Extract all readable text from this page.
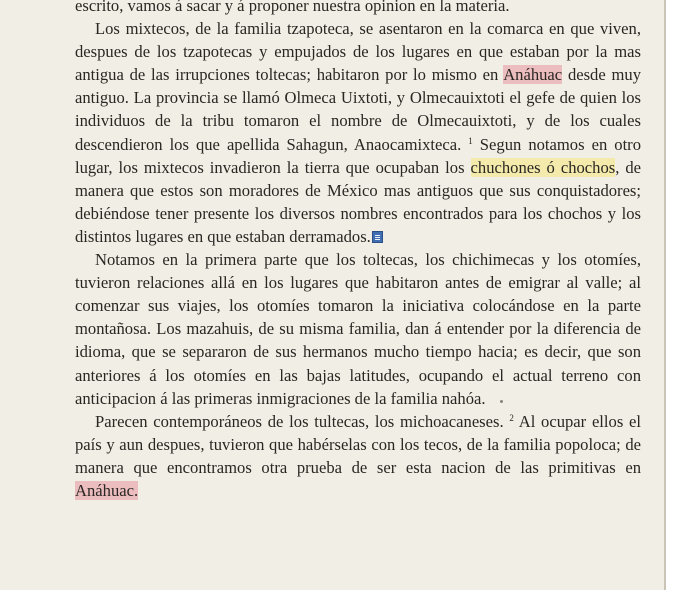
escrito, vamos á sacar y á proponer nuestra opinion en la materia.

Los mixtecos, de la familia tzapoteca, se asentaron en la comarca en que viven, despues de los tzapotecas y empujados de los lugares en que estaban por la mas antigua de las irrupciones toltecas; habitaron por lo mismo en Anáhuac desde muy antiguo. La provincia se llamó Olmeca Uixtoti, y Olmecauixtoti el gefe de quien los individuos de la tribu tomaron el nombre de Olmecauixtoti, y de los cuales descendieron los que apellida Sahagun, Anaocamixteca. $^1$ Segun notamos en otro lugar, los mixtecos invadieron la tierra que ocupaban los chuchones ó chochos, de manera que estos son moradores de México mas antiguos que sus conquistadores; debiéndose tener presente los diversos nombres encontrados para los chochos y los distintos lugares en que estaban derramados.

Notamos en la primera parte que los toltecas, los chichimecas y los otomíes, tuvieron relaciones allá en los lugares que habitaron antes de emigrar al valle; al comenzar sus viajes, los otomíes tomaron la iniciativa colocándose en la parte montañosa. Los mazahuis, de su misma familia, dan á entender por la diferencia de idioma, que se separaron de sus hermanos mucho tiempo hacia; es decir, que son anteriores á los otomíes en las bajas latitudes, ocupando el actual terreno con anticipacion á las primeras inmigraciones de la familia nahóa.

Parecen contemporáneos de los tultecas, los michoacaneses. $^2$ Al ocupar ellos el país y aun despues, tuvieron que habérselas con los tecos, de la familia popoloca; de manera que encontramos otra prueba de ser esta nacion de las primitivas en Anáhuac.
